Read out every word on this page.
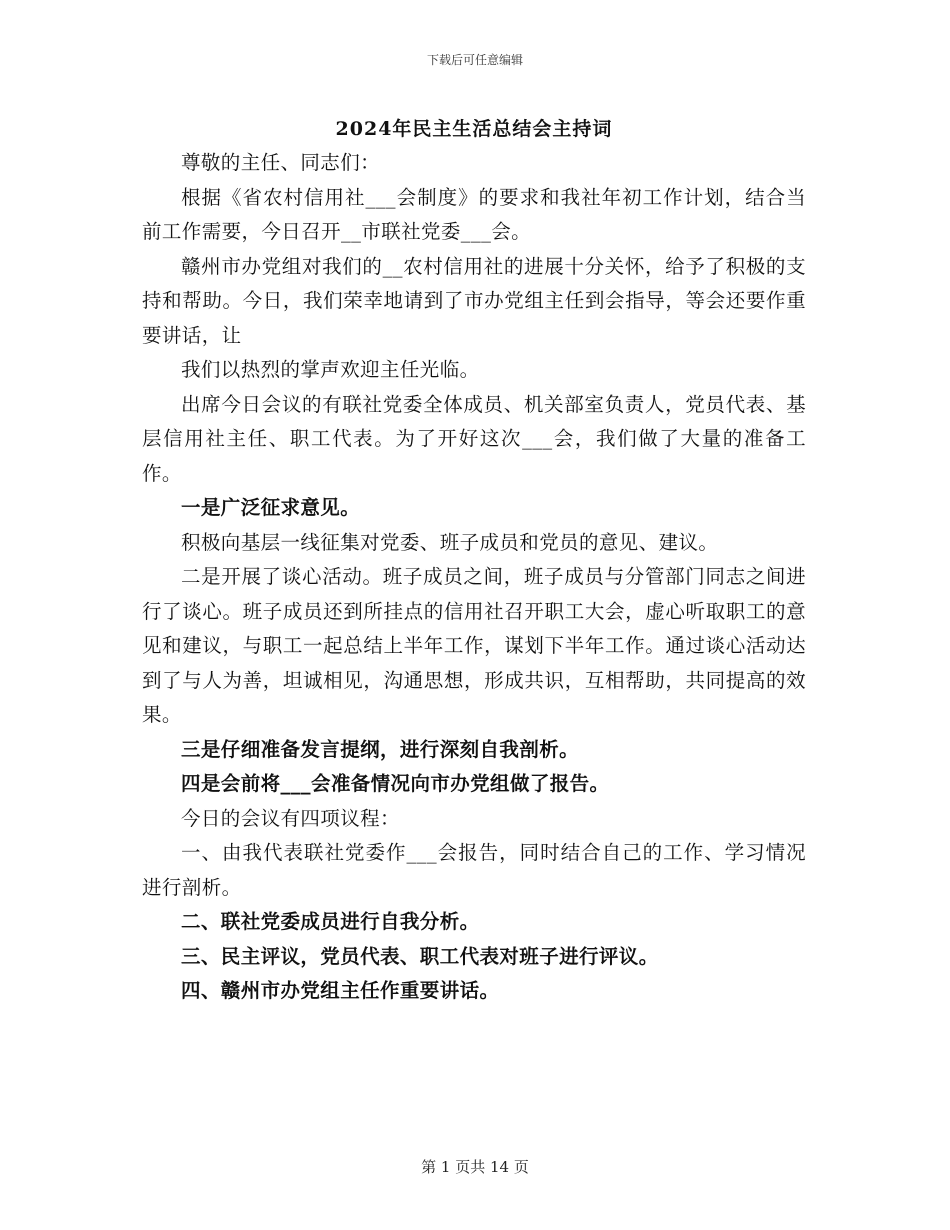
下载后可任意编辑
2024年民主生活总结会主持词

尊敬的主任、同志们：

根据《省农村信用社___会制度》的要求和我社年初工作计划，结合当前工作需要，今日召开__市联社党委___会。

赣州市办党组对我们的__农村信用社的进展十分关怀，给予了积极的支持和帮助。今日，我们荣幸地请到了市办党组主任到会指导，等会还要作重要讲话，让

我们以热烈的掌声欢迎主任光临。

出席今日会议的有联社党委全体成员、机关部室负责人，党员代表、基层信用社主任、职工代表。为了开好这次___会，我们做了大量的准备工作。

一是广泛征求意见。

积极向基层一线征集对党委、班子成员和党员的意见、建议。

二是开展了谈心活动。班子成员之间，班子成员与分管部门同志之间进行了谈心。班子成员还到所挂点的信用社召开职工大会，虚心听取职工的意见和建议，与职工一起总结上半年工作，谋划下半年工作。通过谈心活动达到了与人为善，坦诚相见，沟通思想，形成共识，互相帮助，共同提高的效果。

三是仔细准备发言提纲，进行深刻自我剖析。

四是会前将___会准备情况向市办党组做了报告。

今日的会议有四项议程：

一、由我代表联社党委作___会报告，同时结合自己的工作、学习情况进行剖析。

二、联社党委成员进行自我分析。

三、民主评议，党员代表、职工代表对班子进行评议。

四、赣州市办党组主任作重要讲话。

第 1 页共 14 页
